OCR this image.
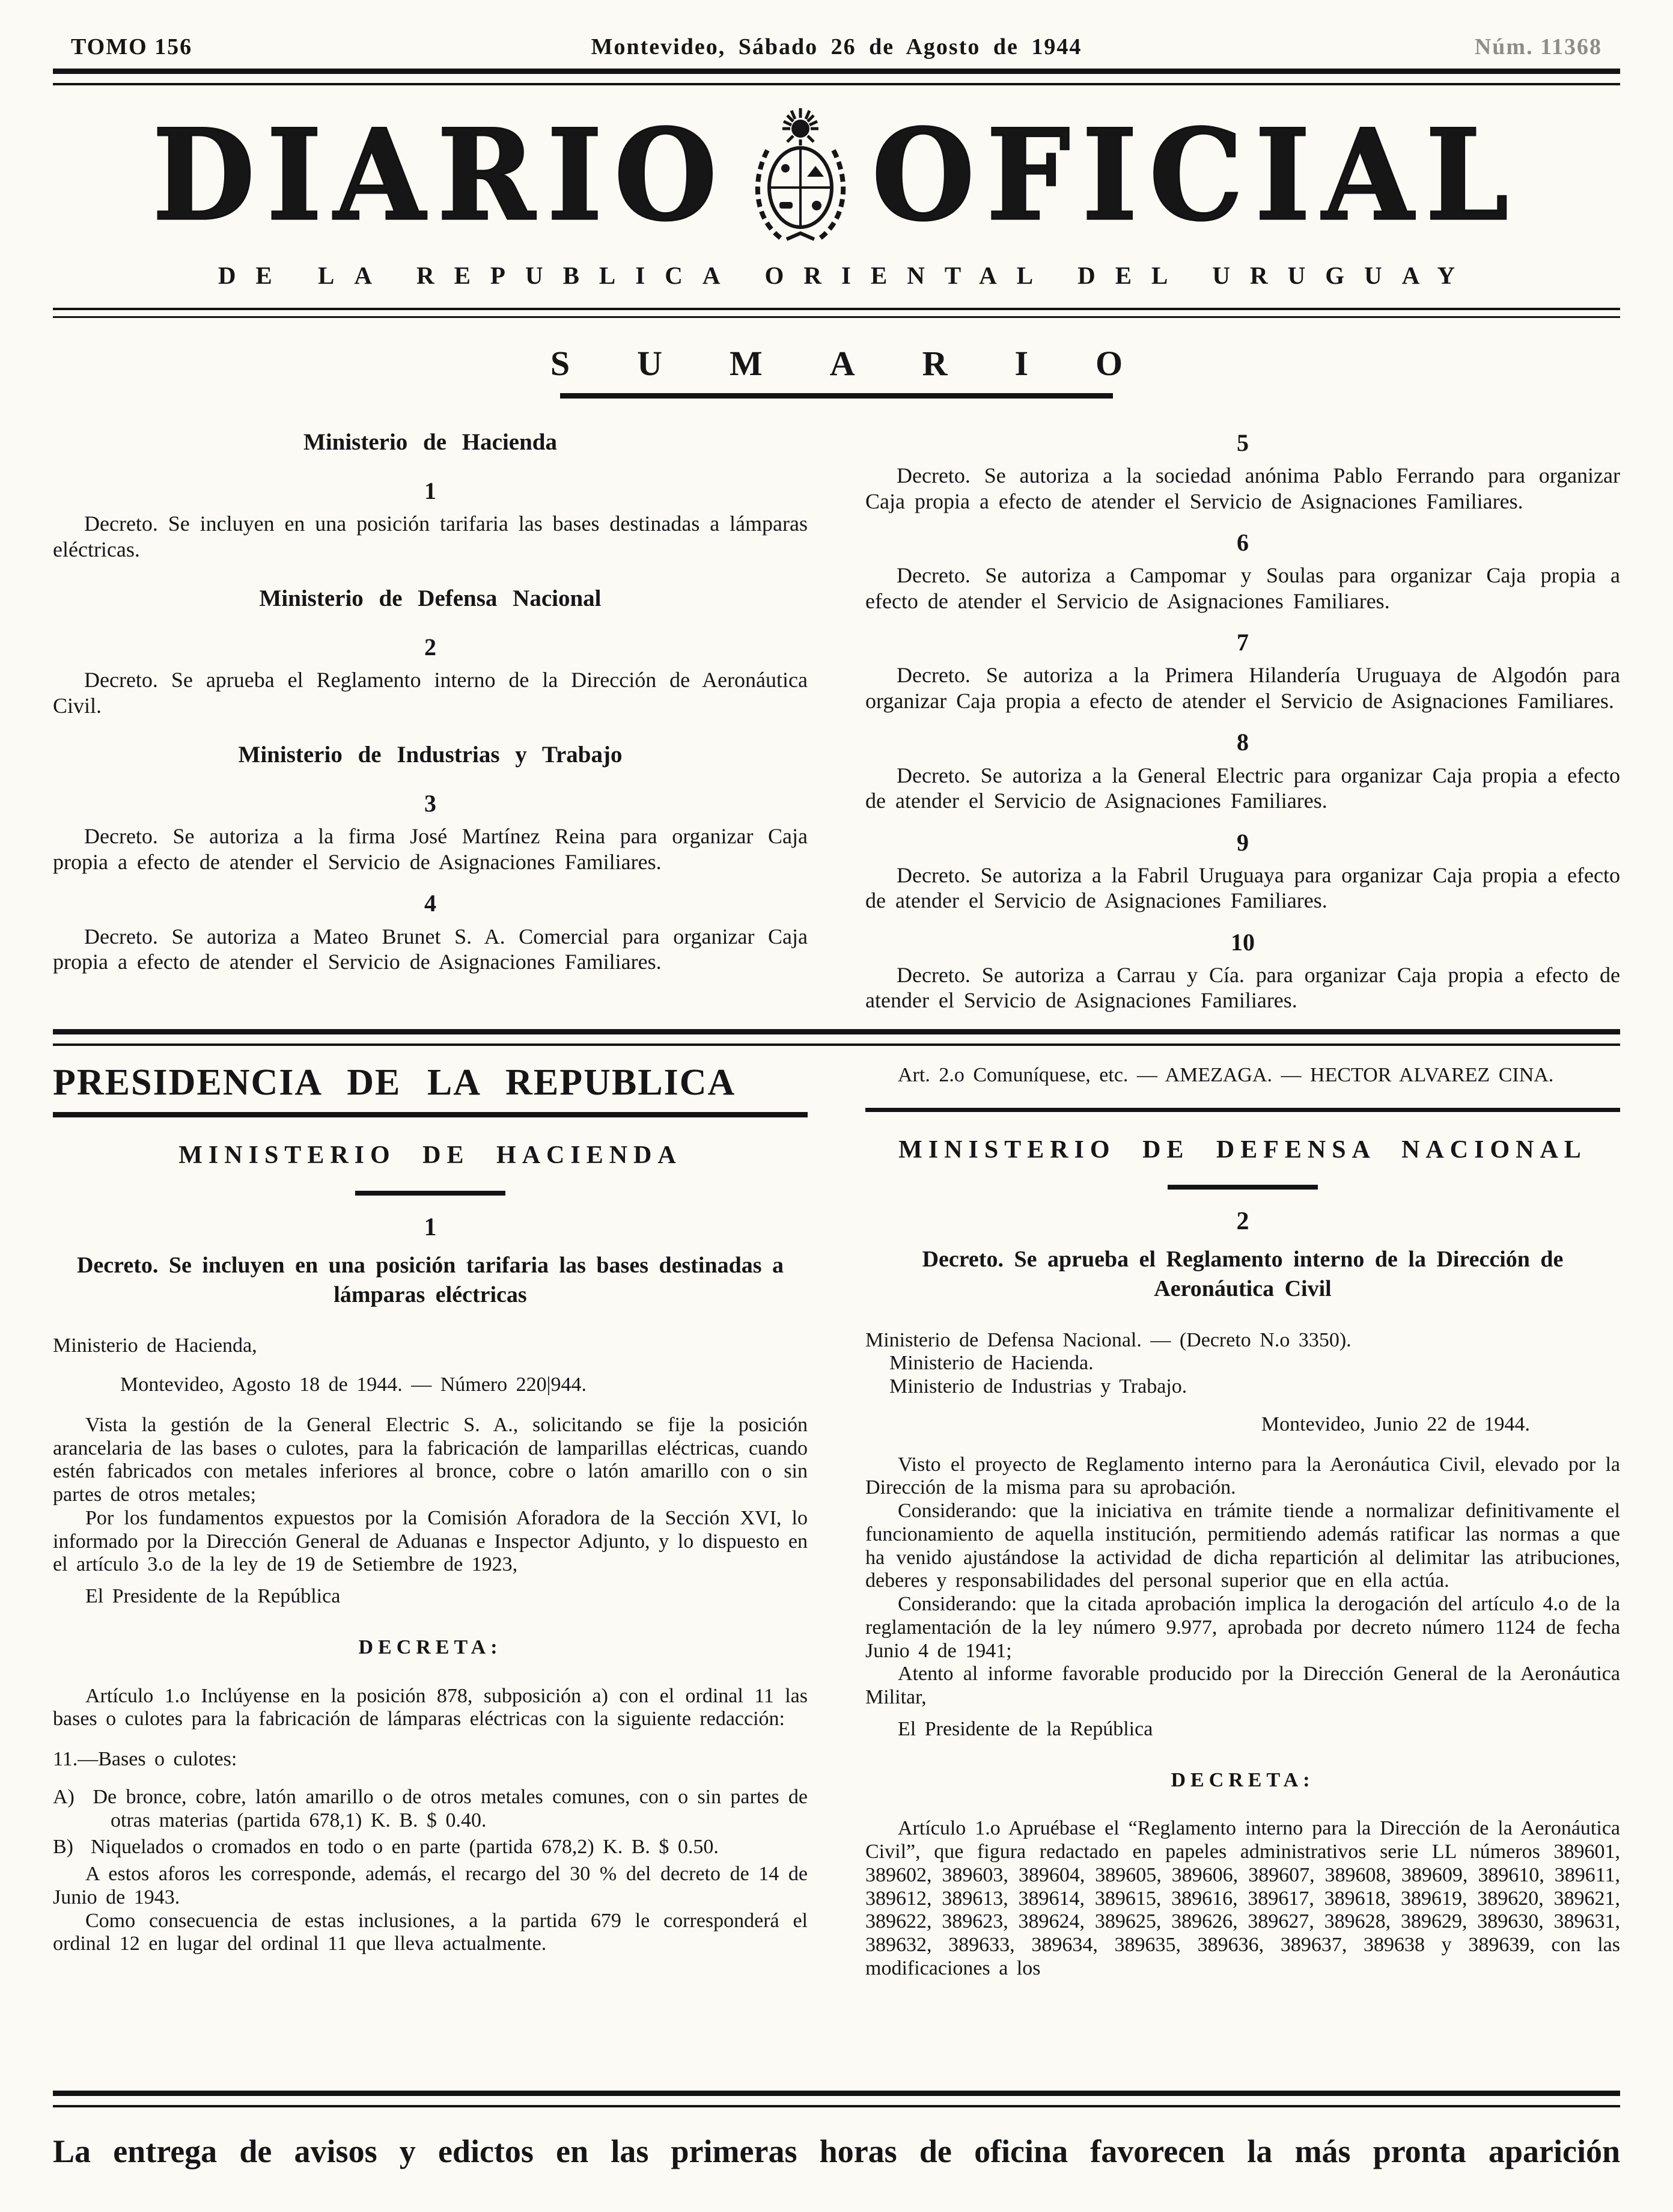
TOMO 156	Montevideo, Sábado 26 de Agosto de 1944	Núm. 11368
DIARIO OFICIAL
DE LA REPUBLICA ORIENTAL DEL URUGUAY
SUMARIO

Ministerio de Hacienda

1

Decreto. Se incluyen en una posición tarifaria las bases destinadas a lámparas eléctricas.

Ministerio de Defensa Nacional

2

Decreto. Se aprueba el Reglamento interno de la Dirección de Aeronáutica Civil.

Ministerio de Industrias y Trabajo

3

Decreto. Se autoriza a la firma José Martínez Reina para organizar Caja propia a efecto de atender el Servicio de Asignaciones Familiares.

4

Decreto. Se autoriza a Mateo Brunet S. A. Comercial para organizar Caja propia a efecto de atender el Servicio de Asignaciones Familiares.

5

Decreto. Se autoriza a la sociedad anónima Pablo Ferrando para organizar Caja propia a efecto de atender el Servicio de Asignaciones Familiares.

6

Decreto. Se autoriza a Campomar y Soulas para organizar Caja propia a efecto de atender el Servicio de Asignaciones Familiares.

7

Decreto. Se autoriza a la Primera Hilandería Uruguaya de Algodón para organizar Caja propia a efecto de atender el Servicio de Asignaciones Familiares.

8

Decreto. Se autoriza a la General Electric para organizar Caja propia a efecto de atender el Servicio de Asignaciones Familiares.

9

Decreto. Se autoriza a la Fabril Uruguaya para organizar Caja propia a efecto de atender el Servicio de Asignaciones Familiares.

10

Decreto. Se autoriza a Carrau y Cía. para organizar Caja propia a efecto de atender el Servicio de Asignaciones Familiares.

PRESIDENCIA DE LA REPUBLICA

MINISTERIO DE HACIENDA

1

Decreto. Se incluyen en una posición tarifaria las bases destinadas a lámparas eléctricas

Ministerio de Hacienda,

Montevideo, Agosto 18 de 1944. — Número 220|944.

Vista la gestión de la General Electric S. A., solicitando se fije la posición arancelaria de las bases o culotes, para la fabricación de lamparillas eléctricas, cuando estén fabricados con metales inferiores al bronce, cobre o latón amarillo con o sin partes de otros metales;

Por los fundamentos expuestos por la Comisión Aforadora de la Sección XVI, lo informado por la Dirección General de Aduanas e Inspector Adjunto, y lo dispuesto en el artículo 3.o de la ley de 19 de Setiembre de 1923,

El Presidente de la República

DECRETA:

Artículo 1.o Inclúyense en la posición 878, subposición a) con el ordinal 11 las bases o culotes para la fabricación de lámparas eléctricas con la siguiente redacción:

11.—Bases o culotes:

A) De bronce, cobre, latón amarillo o de otros metales comunes, con o sin partes de otras materias (partida 678,1) K. B. $ 0.40.

B) Niquelados o cromados en todo o en parte (partida 678,2) K. B. $ 0.50.

A estos aforos les corresponde, además, el recargo del 30 % del decreto de 14 de Junio de 1943.

Como consecuencia de estas inclusiones, a la partida 679 le corresponderá el ordinal 12 en lugar del ordinal 11 que lleva actualmente.

Art. 2.o Comuníquese, etc. — AMEZAGA. — HECTOR ALVAREZ CINA.

MINISTERIO DE DEFENSA NACIONAL

2

Decreto. Se aprueba el Reglamento interno de la Dirección de Aeronáutica Civil

Ministerio de Defensa Nacional. — (Decreto N.o 3350).

Ministerio de Hacienda.

Ministerio de Industrias y Trabajo.

Montevideo, Junio 22 de 1944.

Visto el proyecto de Reglamento interno para la Aeronáutica Civil, elevado por la Dirección de la misma para su aprobación.

Considerando: que la iniciativa en trámite tiende a normalizar definitivamente el funcionamiento de aquella institución, permitiendo además ratificar las normas a que ha venido ajustándose la actividad de dicha repartición al delimitar las atribuciones, deberes y responsabilidades del personal superior que en ella actúa.

Considerando: que la citada aprobación implica la derogación del artículo 4.o de la reglamentación de la ley número 9.977, aprobada por decreto número 1124 de fecha Junio 4 de 1941;

Atento al informe favorable producido por la Dirección General de la Aeronáutica Militar,

El Presidente de la República

DECRETA:

Artículo 1.o Apruébase el “Reglamento interno para la Dirección de la Aeronáutica Civil”, que figura redactado en papeles administrativos serie LL números 389601, 389602, 389603, 389604, 389605, 389606, 389607, 389608, 389609, 389610, 389611, 389612, 389613, 389614, 389615, 389616, 389617, 389618, 389619, 389620, 389621, 389622, 389623, 389624, 389625, 389626, 389627, 389628, 389629, 389630, 389631, 389632, 389633, 389634, 389635, 389636, 389637, 389638 y 389639, con las modificaciones a los

La entrega de avisos y edictos en las primeras horas de oficina favorecen la más pronta aparición
